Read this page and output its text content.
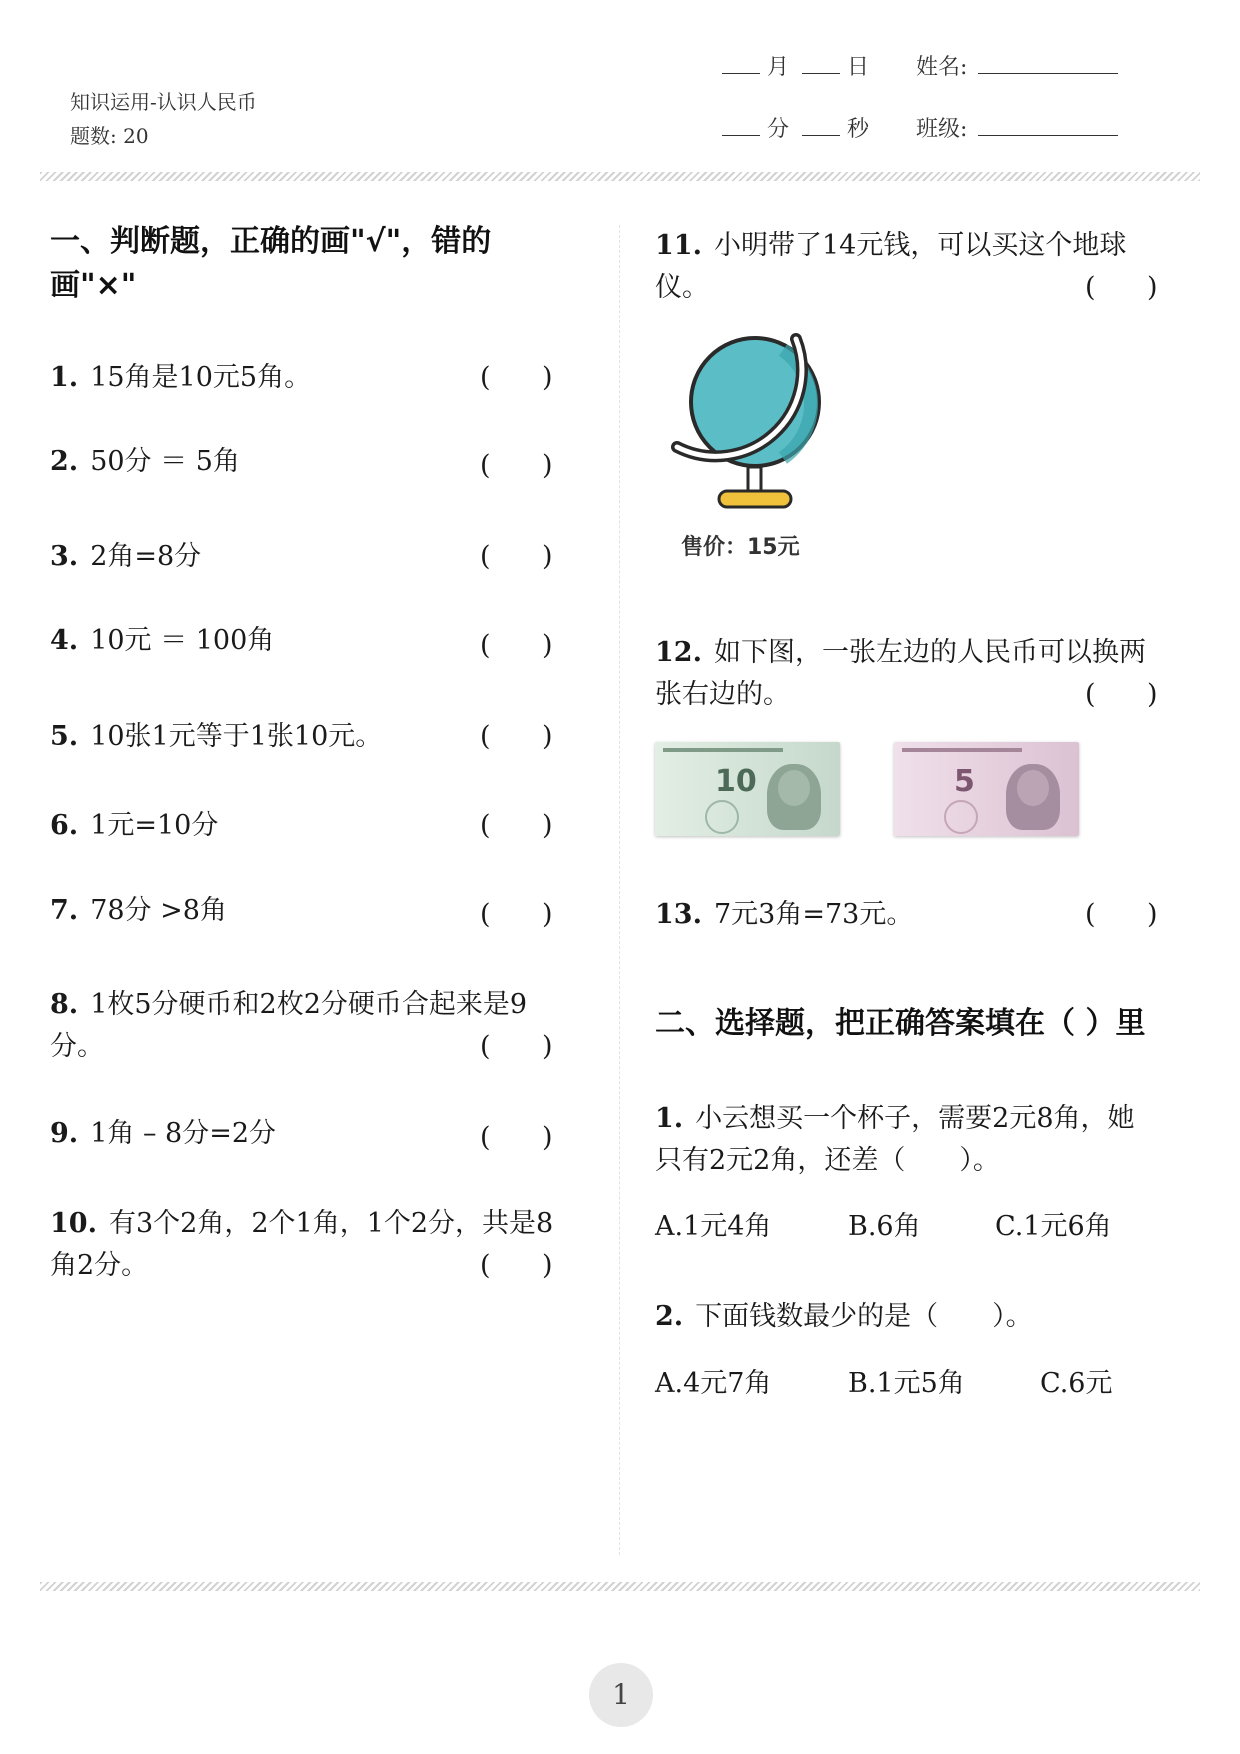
知识运用-认识人民币
题数: 20
月	日
分	秒
姓名:
班级:
一、判断题，正确的画"√"，错的
画"×"
1. 15角是10元5角。	(      )
2. 50分 ＝ 5角	(      )
3. 2角=8分	(      )
4. 10元 ＝ 100角	(      )
5. 10张1元等于1张10元。	(      )
6. 1元=10分	(      )
7. 78分 >8角	(      )
8. 1枚5分硬币和2枚2分硬币合起来是9
分。	(      )
9. 1角 – 8分=2分	(      )
10. 有3个2角，2个1角，1个2分，共是8
角2分。	(      )
11. 小明带了14元钱，可以买这个地球
仪。	(      )
售价：15元
12. 如下图，一张左边的人民币可以换两
张右边的。	(      )
10	5
13. 7元3角=73元。	(      )
二、选择题，把正确答案填在（ ）里
1. 小云想买一个杯子，需要2元8角，她
只有2元2角，还差（　　）。
A.1元4角	B.6角	C.1元6角
2. 下面钱数最少的是（　　）。
A.4元7角	B.1元5角	C.6元
1
